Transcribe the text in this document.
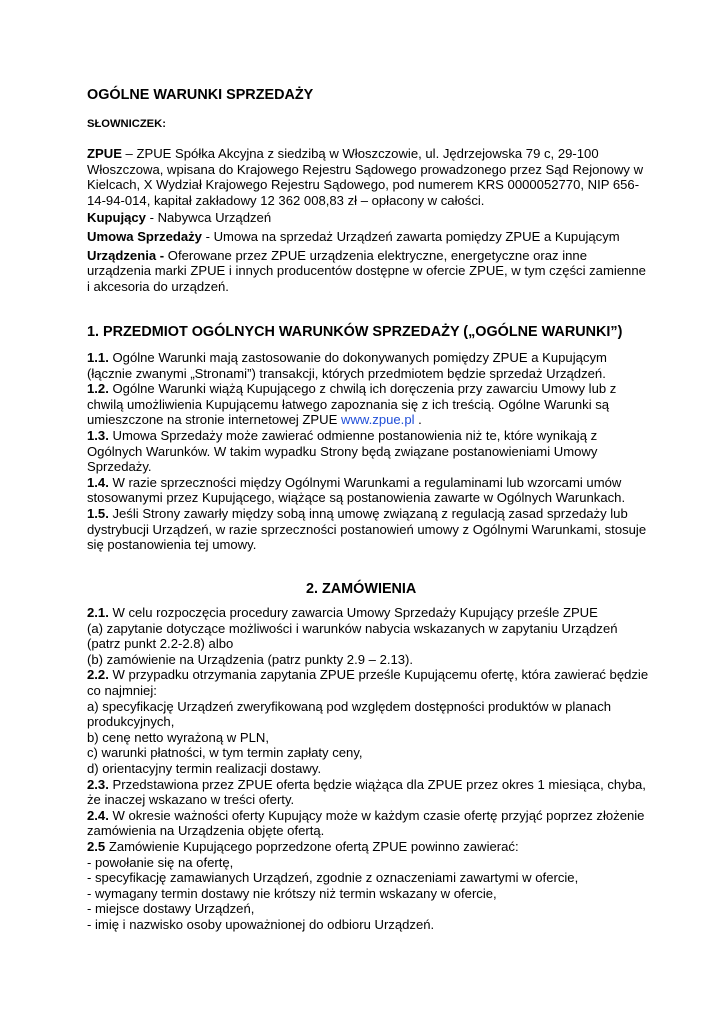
OGÓLNE WARUNKI SPRZEDAŻY
SŁOWNICZEK:

ZPUE – ZPUE Spółka Akcyjna z siedzibą w Włoszczowie, ul. Jędrzejowska 79 c, 29-100 Włoszczowa, wpisana do Krajowego Rejestru Sądowego prowadzonego przez Sąd Rejonowy w Kielcach, X Wydział Krajowego Rejestru Sądowego, pod numerem KRS 0000052770, NIP 656-14-94-014, kapitał zakładowy 12 362 008,83 zł – opłacony w całości.

Kupujący - Nabywca Urządzeń

Umowa Sprzedaży - Umowa na sprzedaż Urządzeń zawarta pomiędzy ZPUE a Kupującym

Urządzenia - Oferowane przez ZPUE urządzenia elektryczne, energetyczne oraz inne urządzenia marki ZPUE i innych producentów dostępne w ofercie ZPUE, w tym części zamienne i akcesoria do urządzeń.

1. PRZEDMIOT OGÓLNYCH WARUNKÓW SPRZEDAŻY („OGÓLNE WARUNKI”)

1.1. Ogólne Warunki mają zastosowanie do dokonywanych pomiędzy ZPUE a Kupującym (łącznie zwanymi „Stronami”) transakcji, których przedmiotem będzie sprzedaż Urządzeń.

1.2. Ogólne Warunki wiążą Kupującego z chwilą ich doręczenia przy zawarciu Umowy lub z chwilą umożliwienia Kupującemu łatwego zapoznania się z ich treścią. Ogólne Warunki są umieszczone na stronie internetowej ZPUE www.zpue.pl .

1.3. Umowa Sprzedaży może zawierać odmienne postanowienia niż te, które wynikają z Ogólnych Warunków. W takim wypadku Strony będą związane postanowieniami Umowy Sprzedaży.

1.4. W razie sprzeczności między Ogólnymi Warunkami a regulaminami lub wzorcami umów stosowanymi przez Kupującego, wiążące są postanowienia zawarte w Ogólnych Warunkach.

1.5. Jeśli Strony zawarły między sobą inną umowę związaną z regulacją zasad sprzedaży lub dystrybucji Urządzeń, w razie sprzeczności postanowień umowy z Ogólnymi Warunkami, stosuje się postanowienia tej umowy.

2. ZAMÓWIENIA

2.1. W celu rozpoczęcia procedury zawarcia Umowy Sprzedaży Kupujący prześle ZPUE

(a) zapytanie dotyczące możliwości i warunków nabycia wskazanych w zapytaniu Urządzeń (patrz punkt 2.2-2.8) albo

(b) zamówienie na Urządzenia (patrz punkty 2.9 – 2.13).

2.2. W przypadku otrzymania zapytania ZPUE prześle Kupującemu ofertę, która zawierać będzie co najmniej:

a) specyfikację Urządzeń zweryfikowaną pod względem dostępności produktów w planach produkcyjnych,

b) cenę netto wyrażoną w PLN,

c) warunki płatności, w tym termin zapłaty ceny,

d) orientacyjny termin realizacji dostawy.

2.3. Przedstawiona przez ZPUE oferta będzie wiążąca dla ZPUE przez okres 1 miesiąca, chyba, że inaczej wskazano w treści oferty.

2.4. W okresie ważności oferty Kupujący może w każdym czasie ofertę przyjąć poprzez złożenie zamówienia na Urządzenia objęte ofertą.

2.5 Zamówienie Kupującego poprzedzone ofertą ZPUE powinno zawierać:

- powołanie się na ofertę,

- specyfikację zamawianych Urządzeń, zgodnie z oznaczeniami zawartymi w ofercie,

- wymagany termin dostawy nie krótszy niż termin wskazany w ofercie,

- miejsce dostawy Urządzeń,

- imię i nazwisko osoby upoważnionej do odbioru Urządzeń.
